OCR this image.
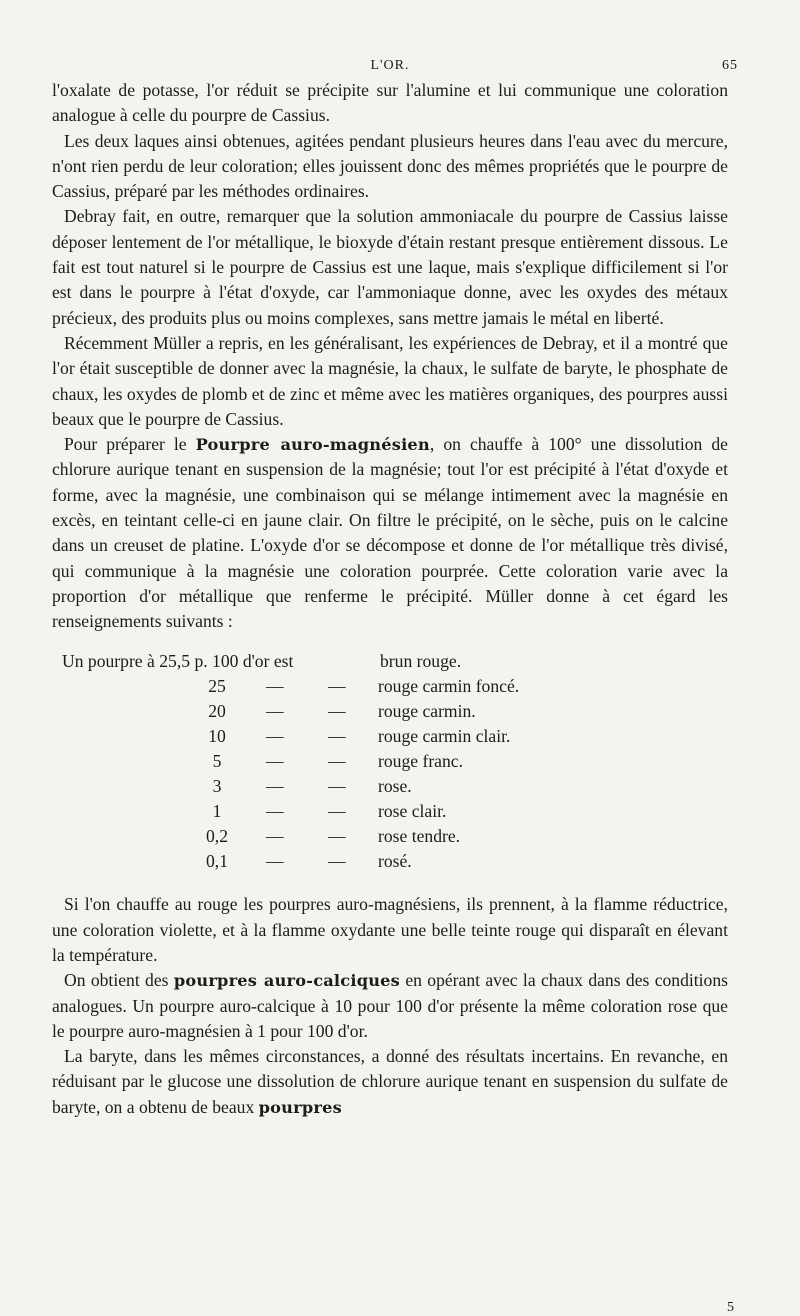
L'OR.	65

l'oxalate de potasse, l'or réduit se précipite sur l'alumine et lui communique une coloration analogue à celle du pourpre de Cassius.

Les deux laques ainsi obtenues, agitées pendant plusieurs heures dans l'eau avec du mercure, n'ont rien perdu de leur coloration; elles jouissent donc des mêmes propriétés que le pourpre de Cassius, préparé par les méthodes ordinaires.

Debray fait, en outre, remarquer que la solution ammoniacale du pourpre de Cassius laisse déposer lentement de l'or métallique, le bioxyde d'étain restant presque entièrement dissous. Le fait est tout naturel si le pourpre de Cassius est une laque, mais s'explique difficilement si l'or est dans le pourpre à l'état d'oxyde, car l'ammoniaque donne, avec les oxydes des métaux précieux, des produits plus ou moins complexes, sans mettre jamais le métal en liberté.

Récemment Müller a repris, en les généralisant, les expériences de Debray, et il a montré que l'or était susceptible de donner avec la magnésie, la chaux, le sulfate de baryte, le phosphate de chaux, les oxydes de plomb et de zinc et même avec les matières organiques, des pourpres aussi beaux que le pourpre de Cassius.

Pour préparer le Pourpre auro-magnésien, on chauffe à 100° une dissolution de chlorure aurique tenant en suspension de la magnésie; tout l'or est précipité à l'état d'oxyde et forme, avec la magnésie, une combinaison qui se mélange intimement avec la magnésie en excès, en teintant celle-ci en jaune clair. On filtre le précipité, on le sèche, puis on le calcine dans un creuset de platine. L'oxyde d'or se décompose et donne de l'or métallique très divisé, qui communique à la magnésie une coloration pourprée. Cette coloration varie avec la proportion d'or métallique que renferme le précipité. Müller donne à cet égard les renseignements suivants :

Un pourpre à 25,5 p. 100 d'or est	brun rouge.
25	—	— rouge carmin foncé.
20	—	— rouge carmin.
10	—	— rouge carmin clair.
5	—	— rouge franc.
3	—	— rose.
1	—	— rose clair.
0,2	—	— rose tendre.
0,1	—	— rosé.

Si l'on chauffe au rouge les pourpres auro-magnésiens, ils prennent, à la flamme réductrice, une coloration violette, et à la flamme oxydante une belle teinte rouge qui disparaît en élevant la température.

On obtient des pourpres auro-calciques en opérant avec la chaux dans des conditions analogues. Un pourpre auro-calcique à 10 pour 100 d'or présente la même coloration rose que le pourpre auro-magnésien à 1 pour 100 d'or.

La baryte, dans les mêmes circonstances, a donné des résultats incertains. En revanche, en réduisant par le glucose une dissolution de chlorure aurique tenant en suspension du sulfate de baryte, on a obtenu de beaux pourpres

5
